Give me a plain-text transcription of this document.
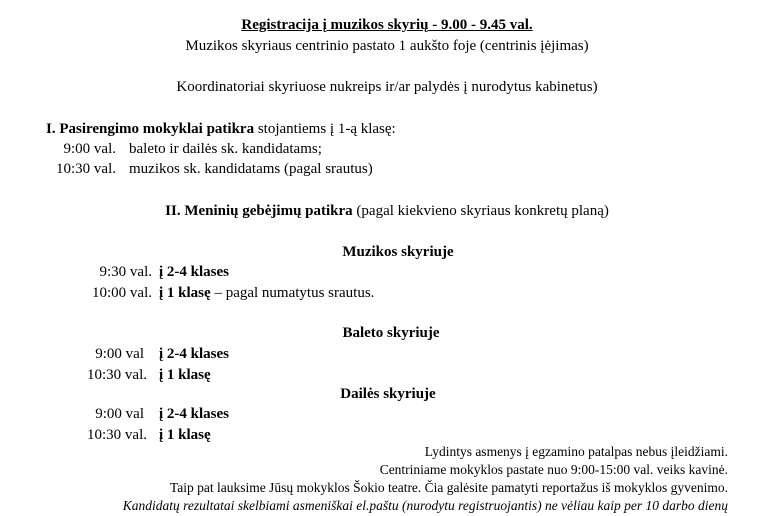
Registracija į muzikos skyrių - 9.00 - 9.45 val.
Muzikos skyriaus centrinio pastato 1 aukšto foje (centrinis įėjimas)
Koordinatoriai skyriuose nukreips ir/ar palydės į nurodytus kabinetus)
I. Pasirengimo mokyklai patikra stojantiems į 1-ą klasę:
9:00 val. baleto ir dailės sk. kandidatams;
10:30 val. muzikos sk. kandidatams (pagal srautus)
II. Meninių gebėjimų patikra (pagal kiekvieno skyriaus konkretų planą)
Muzikos skyriuje
9:30 val. į 2-4 klases
10:00 val. į 1 klasę – pagal numatytus srautus.
Baleto skyriuje
9:00 val į 2-4 klases
10:30 val. į 1 klasę
Dailės skyriuje
9:00 val į 2-4 klases
10:30 val. į 1 klasę
Lydintys asmenys į egzamino patalpas nebus įleidžiami.
Centriniame mokyklos pastate nuo 9:00-15:00 val. veiks kavinė.
Taip pat lauksime Jūsų mokyklos Šokio teatre. Čia galėsite pamatyti reportažus iš mokyklos gyvenimo.
Kandidatų rezultatai skelbiami asmeniškai el.paštu (nurodytu registruojantis) ne vėliau kaip per 10 darbo dienų
